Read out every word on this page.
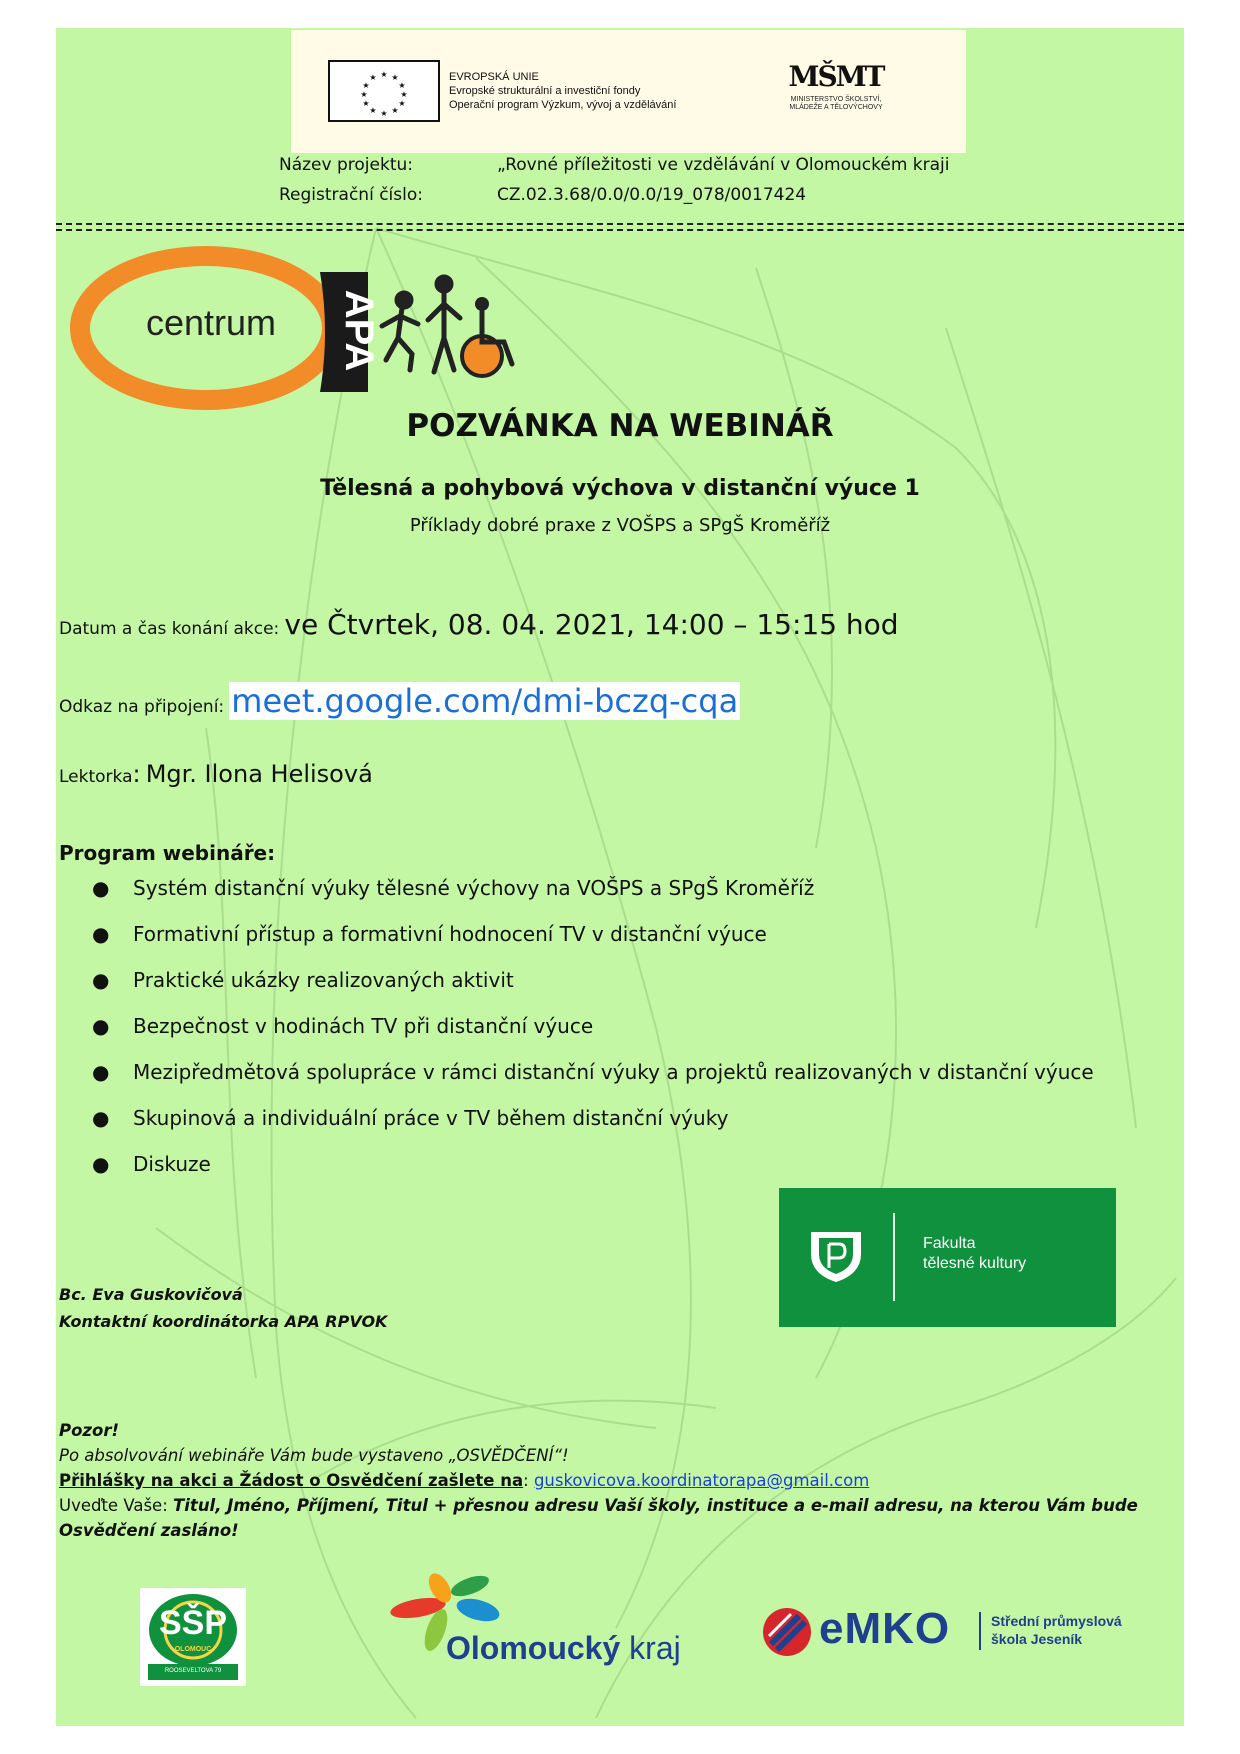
★ ★
★
★
★
★
★
★
★
★
★
★	EVROPSKÁ UNIE
Evropské strukturální a investiční fondy
Operační program Výzkum, vývoj a vzdělávání
MŠMT
MINISTERSTVO ŠKOLSTVÍ,
MLÁDEŽE A TĚLOVÝCHOVY
Název projektu:	„Rovné příležitosti ve vzdělávání v Olomouckém kraji
Registrační číslo:	CZ.02.3.68/0.0/0.0/19_078/0017424
centrum APA
POZVÁNKA NA WEBINÁŘ
Tělesná a pohybová výchova v distanční výuce 1
Příklady dobré praxe z VOŠPS a SPgŠ Kroměříž
Datum a čas konání akce: ve Čtvrtek, 08. 04. 2021, 14:00 – 15:15 hod
Odkaz na připojení: meet.google.com/dmi-bczq-cqa
Lektorka: Mgr. Ilona Helisová
Program webináře:
● Systém distanční výuky tělesné výchovy na VOŠPS a SPgŠ Kroměříž
● Formativní přístup a formativní hodnocení TV v distanční výuce
● Praktické ukázky realizovaných aktivit
● Bezpečnost v hodinách TV při distanční výuce
● Mezipředmětová spolupráce v rámci distanční výuky a projektů realizovaných v distanční výuce
● Skupinová a individuální práce v TV během distanční výuky
● Diskuze
Fakulta
tělesné kultury
Bc. Eva Guskovičová
Kontaktní koordinátorka APA RPVOK
Pozor!
Po absolvování webináře Vám bude vystaveno „OSVĚDČENÍ“!
Přihlášky na akci a Žádost o Osvědčení zašlete na: guskovicova.koordinatorapa@gmail.com
Uveďte Vaše: Titul, Jméno, Příjmení, Titul + přesnou adresu Vaší školy, instituce a e-mail adresu, na kterou Vám bude Osvědčení zasláno!
SŠP
OLOMOUC
ROOSEVELTOVA 79
Olomoucký kraj	eMKO	Střední průmyslová
škola Jeseník
